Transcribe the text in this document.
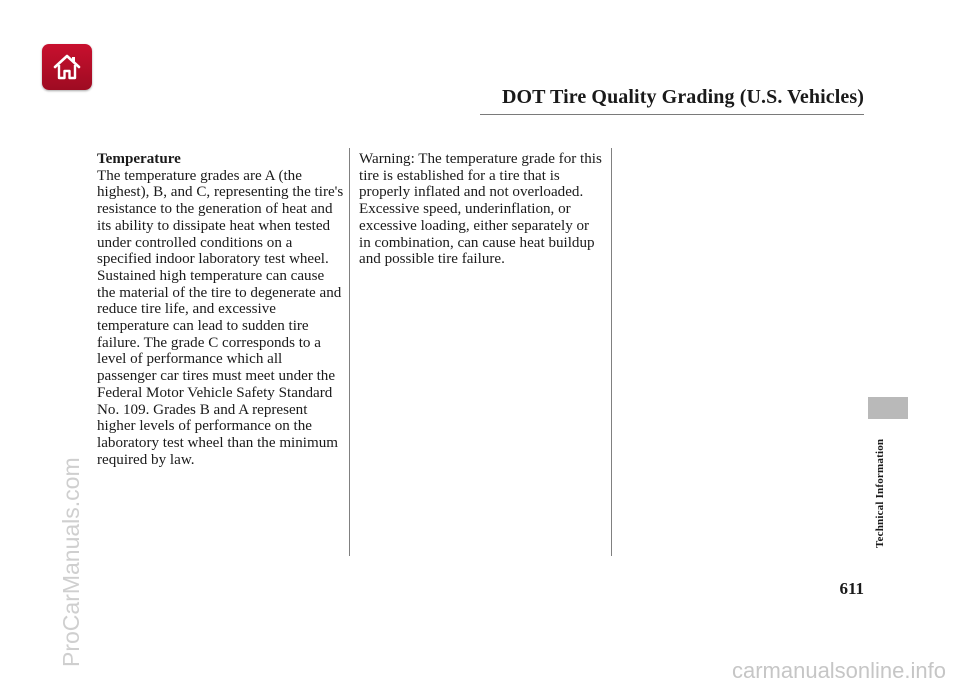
DOT Tire Quality Grading (U.S. Vehicles)

Temperature

The temperature grades are A (the highest), B, and C, representing the tire's resistance to the generation of heat and its ability to dissipate heat when tested under controlled conditions on a specified indoor laboratory test wheel. Sustained high temperature can cause the material of the tire to degenerate and reduce tire life, and excessive temperature can lead to sudden tire failure. The grade C corresponds to a level of performance which all passenger car tires must meet under the Federal Motor Vehicle Safety Standard No. 109. Grades B and A represent higher levels of performance on the laboratory test wheel than the minimum required by law.

Warning: The temperature grade for this tire is established for a tire that is properly inflated and not overloaded. Excessive speed, underinflation, or excessive loading, either separately or in combination, can cause heat buildup and possible tire failure.

Technical Information

611

ProCarManuals.com
carmanualsonline.info
